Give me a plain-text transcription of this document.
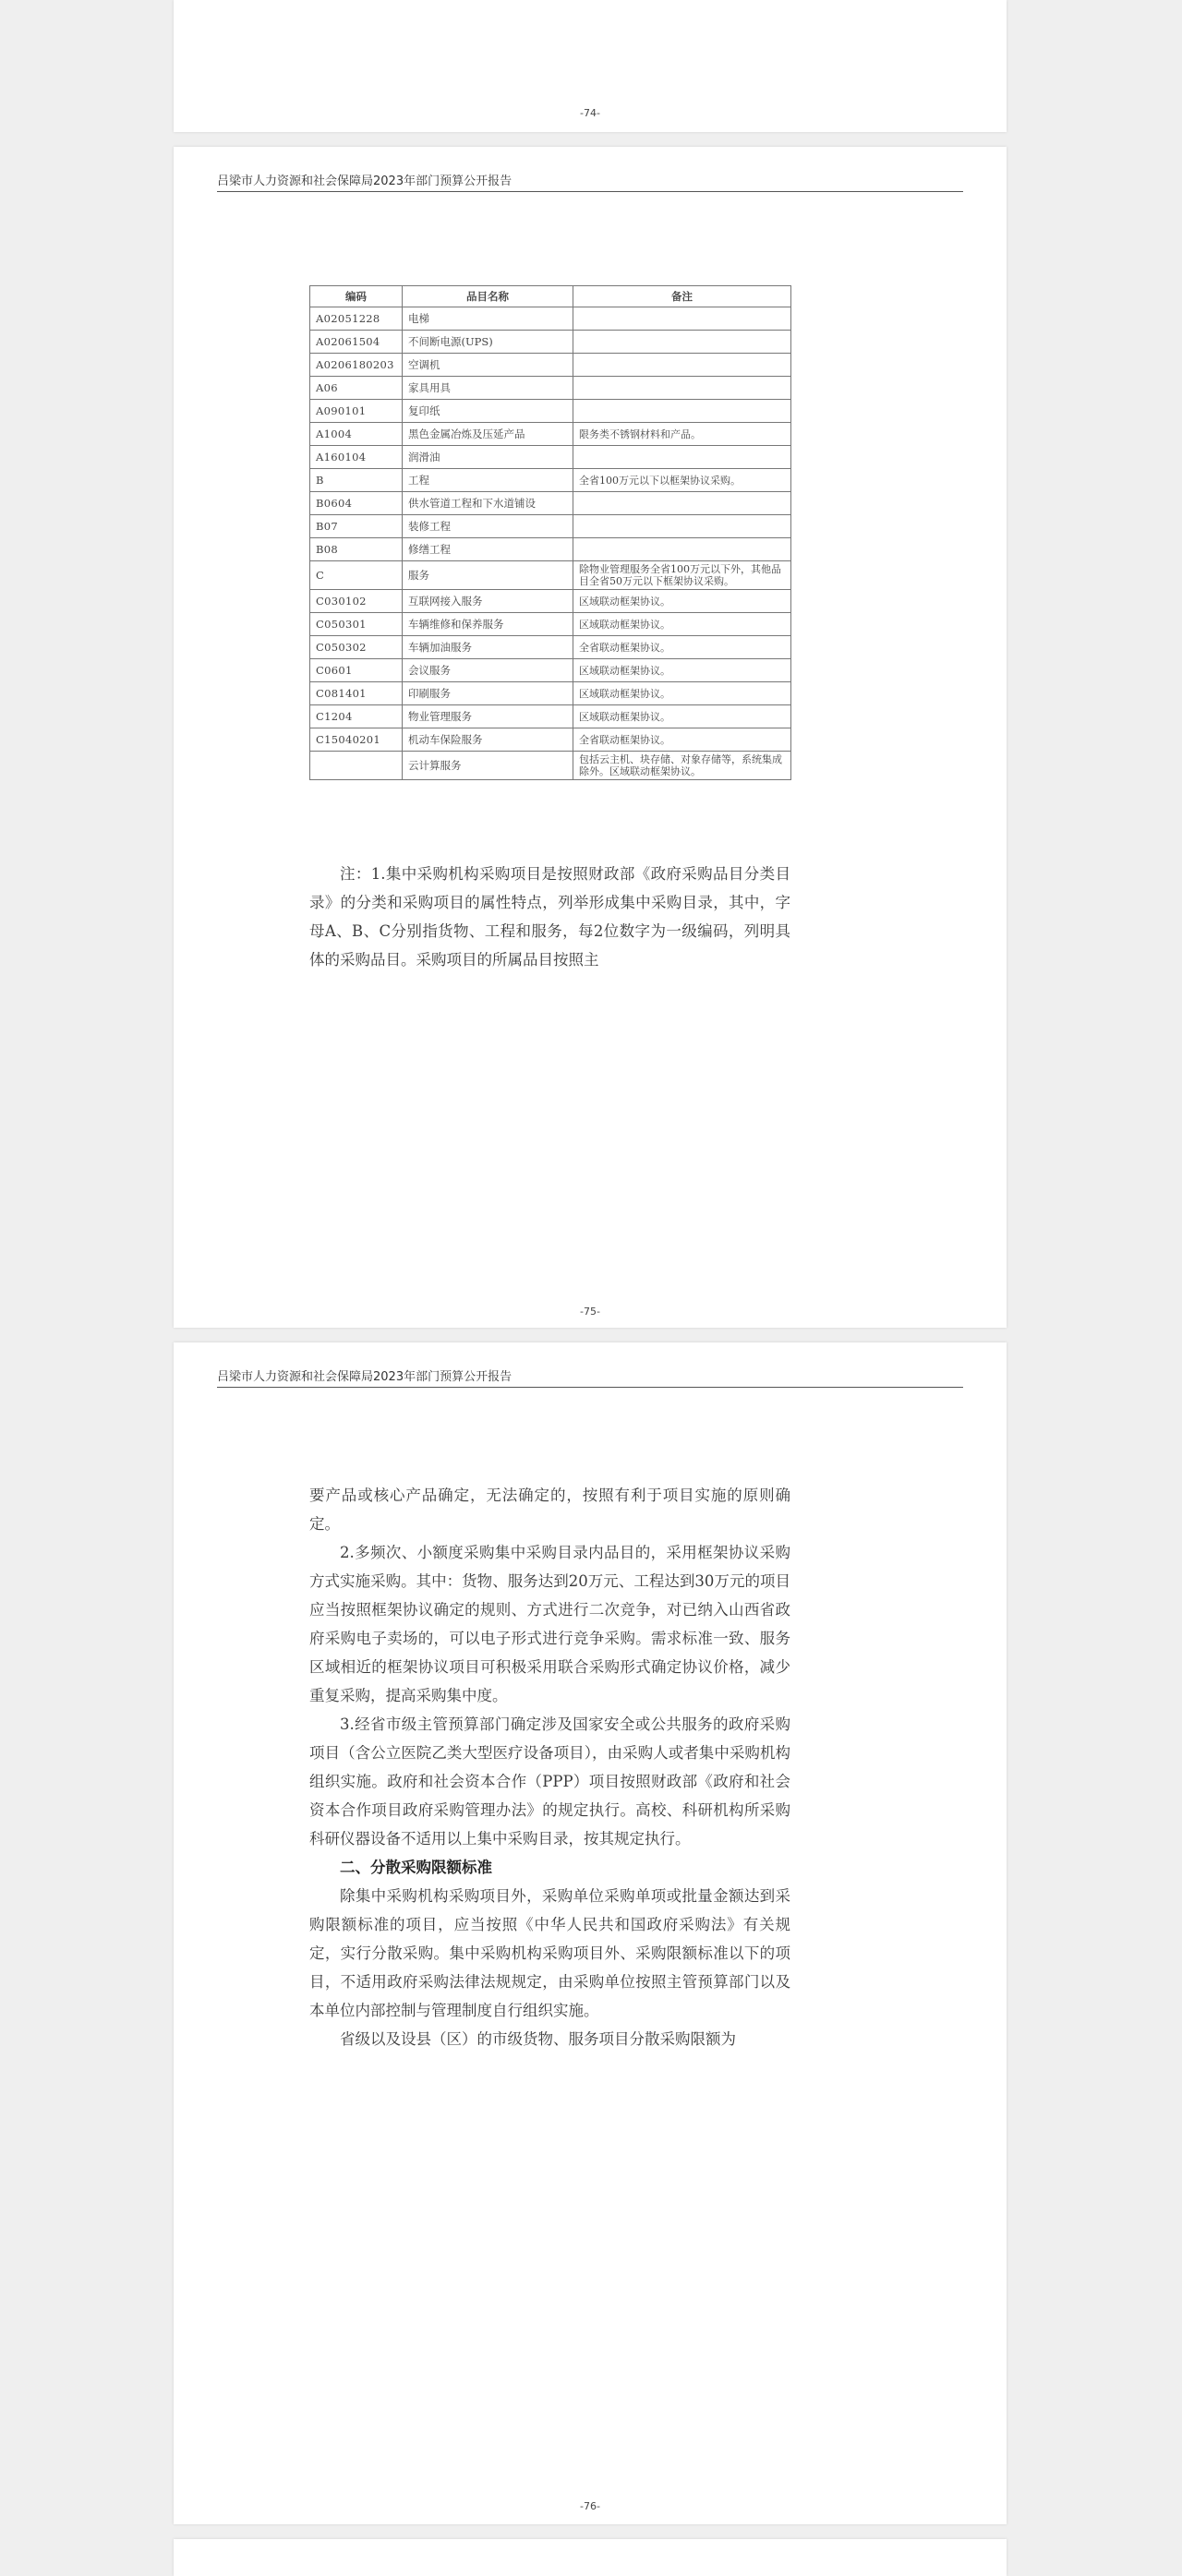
-74-
吕梁市人力资源和社会保障局2023年部门预算公开报告
编码	品目名称	备注
A02051228	电梯	
A02061504	不间断电源(UPS)	
A0206180203	空调机	
A06	家具用具	
A090101	复印纸	
A1004	黑色金属冶炼及压延产品	限务类不锈钢材料和产品。
A160104	润滑油	
B	工程	全省100万元以下以框架协议采购。
B0604	供水管道工程和下水道铺设	
B07	装修工程	
B08	修缮工程	
C	服务	除物业管理服务全省100万元以下外，其他品目全省50万元以下框架协议采购。
C030102	互联网接入服务	区域联动框架协议。
C050301	车辆维修和保养服务	区域联动框架协议。
C050302	车辆加油服务	全省联动框架协议。
C0601	会议服务	区域联动框架协议。
C081401	印刷服务	区域联动框架协议。
C1204	物业管理服务	区域联动框架协议。
C15040201	机动车保险服务	全省联动框架协议。
	云计算服务	包括云主机、块存储、对象存储等，系统集成除外。区域联动框架协议。

注：1.集中采购机构采购项目是按照财政部《政府采购品目分类目录》的分类和采购项目的属性特点，列举形成集中采购目录，其中，字母A、B、C分别指货物、工程和服务，每2位数字为一级编码，列明具体的采购品目。采购项目的所属品目按照主

-75-
吕梁市人力资源和社会保障局2023年部门预算公开报告

要产品或核心产品确定，无法确定的，按照有利于项目实施的原则确定。

2.多频次、小额度采购集中采购目录内品目的，采用框架协议采购方式实施采购。其中：货物、服务达到20万元、工程达到30万元的项目应当按照框架协议确定的规则、方式进行二次竞争，对已纳入山西省政府采购电子卖场的，可以电子形式进行竞争采购。需求标准一致、服务区域相近的框架协议项目可积极采用联合采购形式确定协议价格，减少重复采购，提高采购集中度。

3.经省市级主管预算部门确定涉及国家安全或公共服务的政府采购项目（含公立医院乙类大型医疗设备项目），由采购人或者集中采购机构组织实施。政府和社会资本合作（PPP）项目按照财政部《政府和社会资本合作项目政府采购管理办法》的规定执行。高校、科研机构所采购科研仪器设备不适用以上集中采购目录，按其规定执行。

二、分散采购限额标准

除集中采购机构采购项目外，采购单位采购单项或批量金额达到采购限额标准的项目，应当按照《中华人民共和国政府采购法》有关规定，实行分散采购。集中采购机构采购项目外、采购限额标准以下的项目，不适用政府采购法律法规规定，由采购单位按照主管预算部门以及本单位内部控制与管理制度自行组织实施。

省级以及设县（区）的市级货物、服务项目分散采购限额为

-76-
